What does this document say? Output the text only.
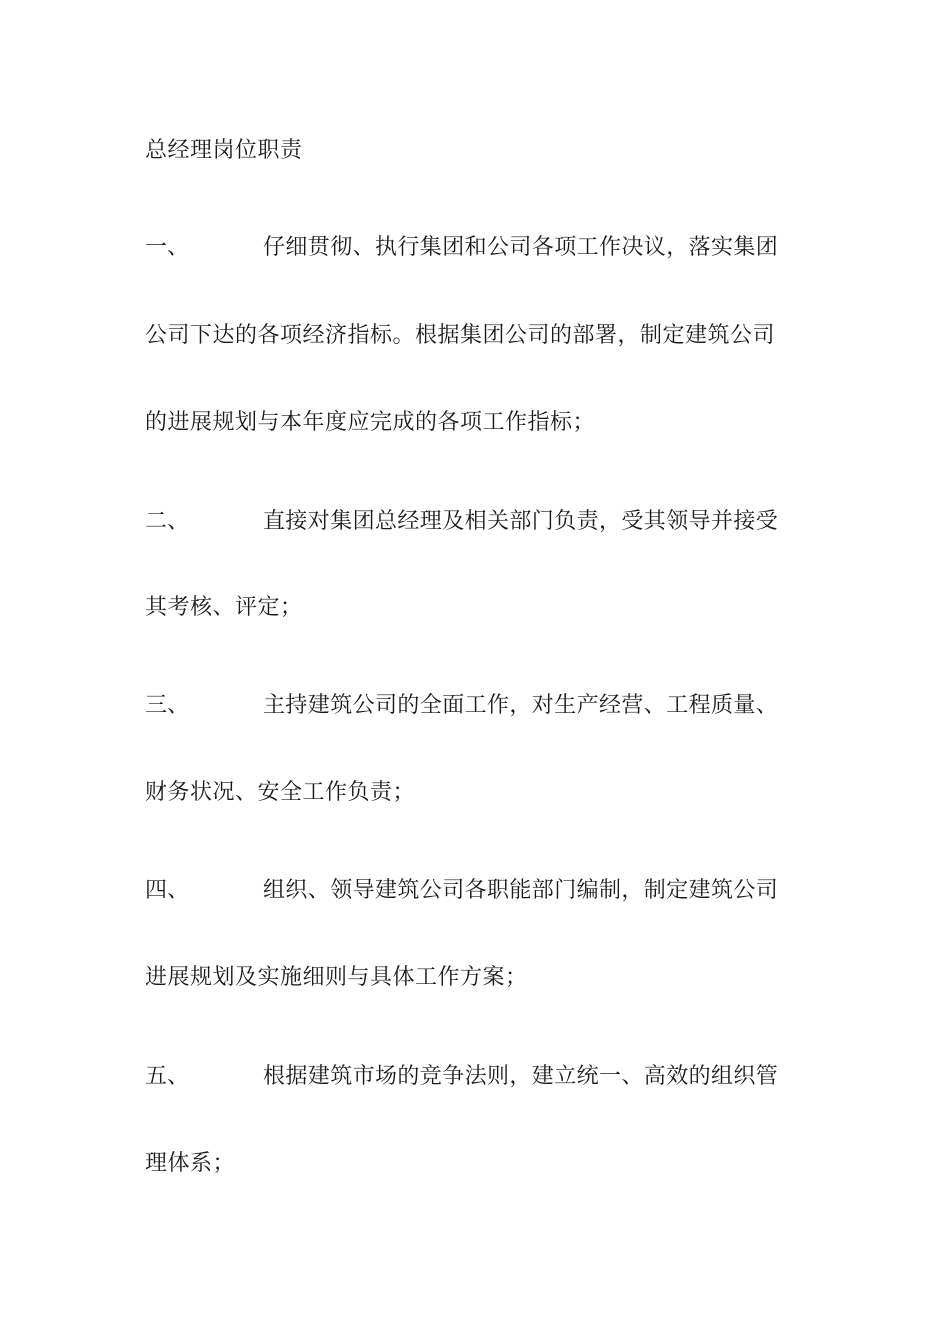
总经理岗位职责
一、	仔细贯彻、执行集团和公司各项工作决议，落实集团
公司下达的各项经济指标。根据集团公司的部署，制定建筑公司
的进展规划与本年度应完成的各项工作指标；
二、	直接对集团总经理及相关部门负责，受其领导并接受
其考核、评定；
三、	主持建筑公司的全面工作，对生产经营、工程质量、
财务状况、安全工作负责；
四、	组织、领导建筑公司各职能部门编制，制定建筑公司
进展规划及实施细则与具体工作方案；
五、	根据建筑市场的竞争法则，建立统一、高效的组织管
理体系；
